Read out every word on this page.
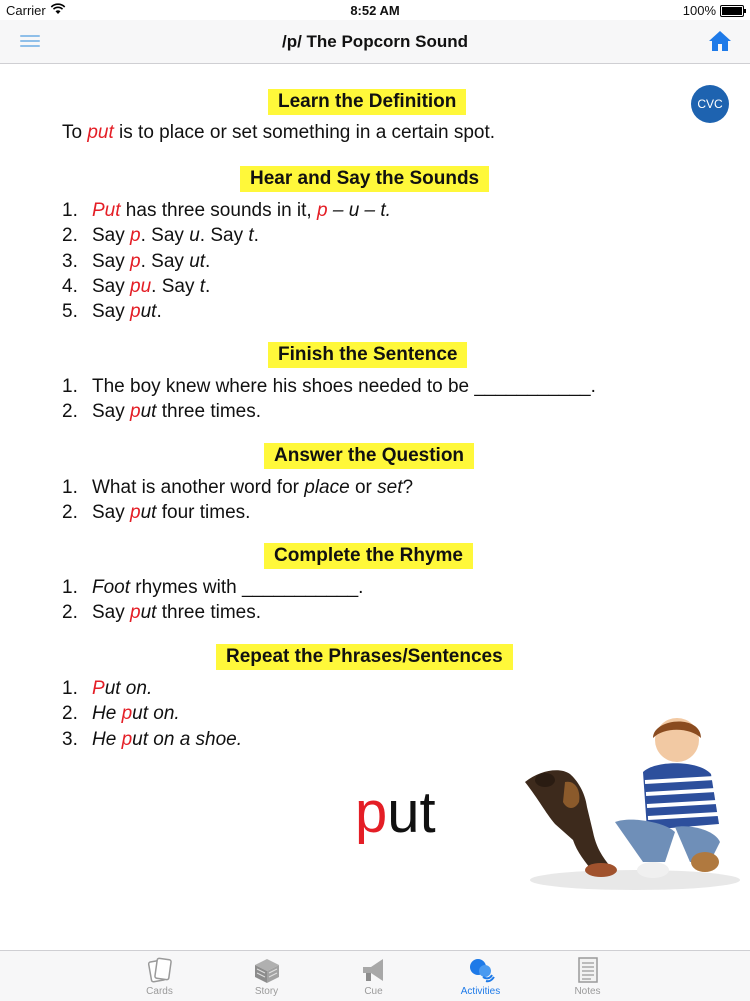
Carrier	8:52 AM	100%
/p/ The Popcorn Sound
CVC
Learn the Definition
To put is to place or set something in a certain spot.
Hear and Say the Sounds
1. Put has three sounds in it, p – u – t.
2. Say p. Say u. Say t.
3. Say p. Say ut.
4. Say pu. Say t.
5. Say put.
Finish the Sentence
1. The boy knew where his shoes needed to be ___________.
2. Say put three times.
Answer the Question
1. What is another word for place or set?
2. Say put four times.
Complete the Rhyme
1. Foot rhymes with ___________.
2. Say put three times.
Repeat the Phrases/Sentences
1. Put on.
2. He put on.
3. He put on a shoe.
put
Cards	Story	Cue	Activities	Notes
